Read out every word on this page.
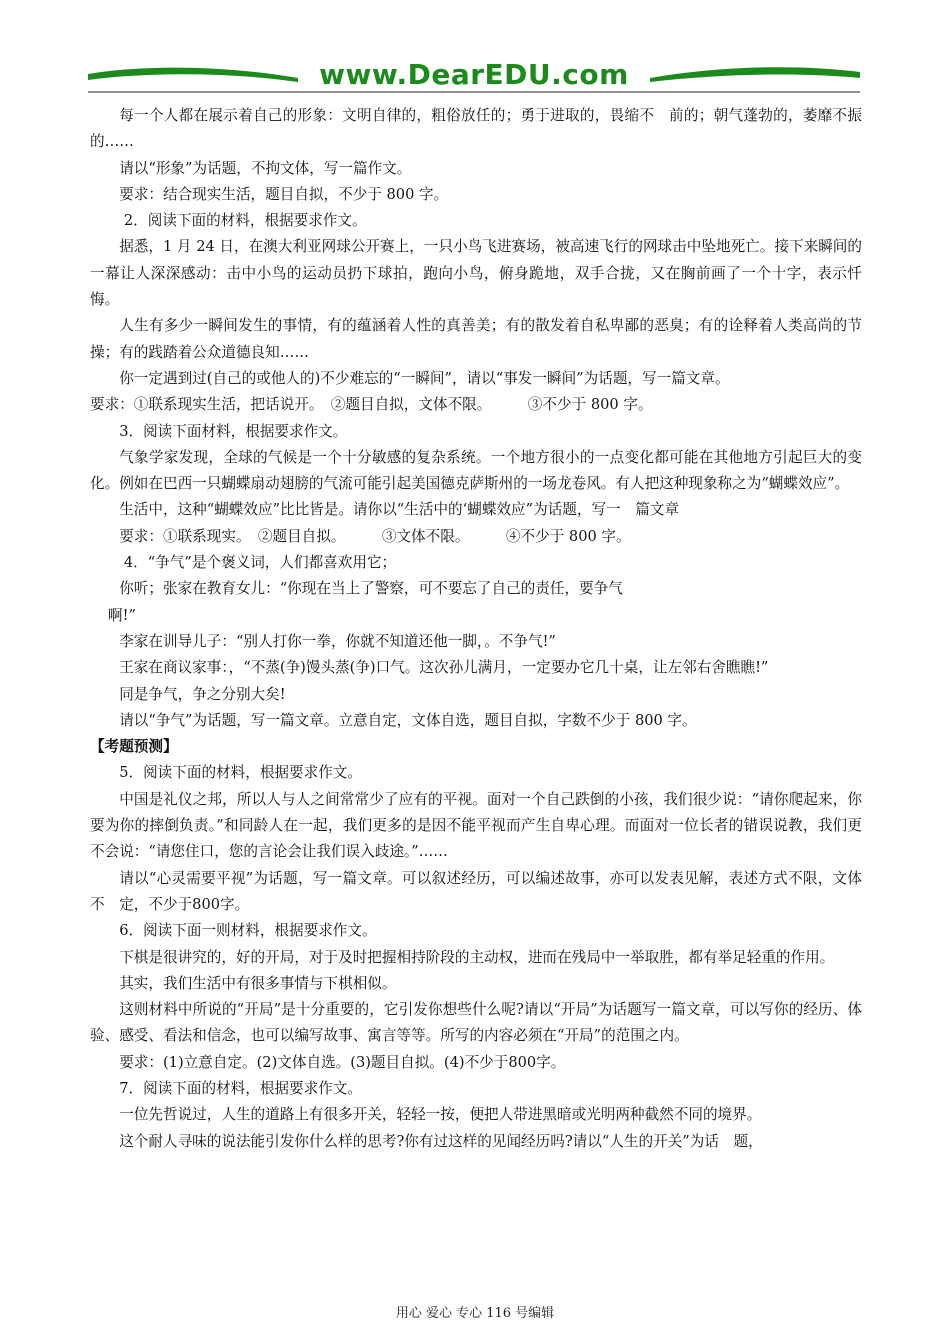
www.DearEDU.com

每一个人都在展示着自己的形象：文明自律的，粗俗放任的；勇于进取的，畏缩不　前的；朝气蓬勃的，萎靡不振的……

请以“形象”为话题，不拘文体，写一篇作文。

要求：结合现实生活，题目自拟，不少于 800 字。

2．阅读下面的材料，根据要求作文。

据悉，1 月 24 日，在澳大利亚网球公开赛上，一只小鸟飞进赛场，被高速飞行的网球击中坠地死亡。接下来瞬间的一幕让人深深感动：击中小鸟的运动员扔下球拍，跑向小鸟，俯身跪地，双手合拢，又在胸前画了一个十字，表示忏悔。

人生有多少一瞬间发生的事情，有的蕴涵着人性的真善美；有的散发着自私卑鄙的恶臭；有的诠释着人类高尚的节操；有的践踏着公众道德良知……

你一定遇到过(自己的或他人的)不少难忘的“一瞬间”，请以“事发一瞬间”为话题，写一篇文章。

要求：①联系现实生活，把话说开。　②题目自拟，文体不限。　　　③不少于 800 字。

3．阅读下面材料，根据要求作文。

气象学家发现，全球的气候是一个十分敏感的复杂系统。一个地方很小的一点变化都可能在其他地方引起巨大的变化。例如在巴西一只蝴蝶扇动翅膀的气流可能引起美国德克萨斯州的一场龙卷风。有人把这种现象称之为“蝴蝶效应”。

生活中，这种“蝴蝶效应”比比皆是。请你以“生活中的‘蝴蝶效应”为话题，写一　篇文章

要求：①联系现实。　②题目自拟。　　　③文体不限。　　　④不少于 800 字。

4．“争气”是个褒义词，人们都喜欢用它；

你听；张家在教育女儿：“你现在当上了警察，可不要忘了自己的责任，要争气

啊!”

李家在训导儿子：“别人打你一拳，你就不知道还他一脚，。不争气!”

王家在商议家事：，“不蒸(争)馒头蒸(争)口气。这次孙儿满月，一定要办它几十桌，让左邻右舍瞧瞧!”

同是争气，争之分别大矣!

请以“争气”为话题，写一篇文章。立意自定，文体自选，题目自拟，字数不少于 800 字。

【考题预测】

5．阅读下面的材料，根据要求作文。

中国是礼仪之邦，所以人与人之间常常少了应有的平视。面对一个自己跌倒的小孩，我们很少说：“请你爬起来，你要为你的摔倒负责。”和同龄人在一起，我们更多的是因不能平视而产生自卑心理。而面对一位长者的错误说教，我们更不会说：“请您住口，您的言论会让我们误入歧途。”……

请以“心灵需要平视”为话题，写一篇文章。可以叙述经历，可以编述故事，亦可以发表见解，表述方式不限，文体不　定，不少于800字。

6．阅读下面一则材料，根据要求作文。

下棋是很讲究的，好的开局，对于及时把握相持阶段的主动权，进而在残局中一举取胜，都有举足轻重的作用。

其实，我们生活中有很多事情与下棋相似。

这则材料中所说的“开局”是十分重要的，它引发你想些什么呢?请以“开局”为话题写一篇文章，可以写你的经历、体验、感受、看法和信念，也可以编写故事、寓言等等。所写的内容必须在“开局”的范围之内。

要求：(1)立意自定。(2)文体自选。(3)题目自拟。(4)不少于800字。

7．阅读下面的材料，根据要求作文。

一位先哲说过，人生的道路上有很多开关，轻轻一按，便把人带进黑暗或光明两种截然不同的境界。

这个耐人寻味的说法能引发你什么样的思考?你有过这样的见闻经历吗?请以“人生的开关”为话　题，

用心 爱心 专心 116 号编辑
